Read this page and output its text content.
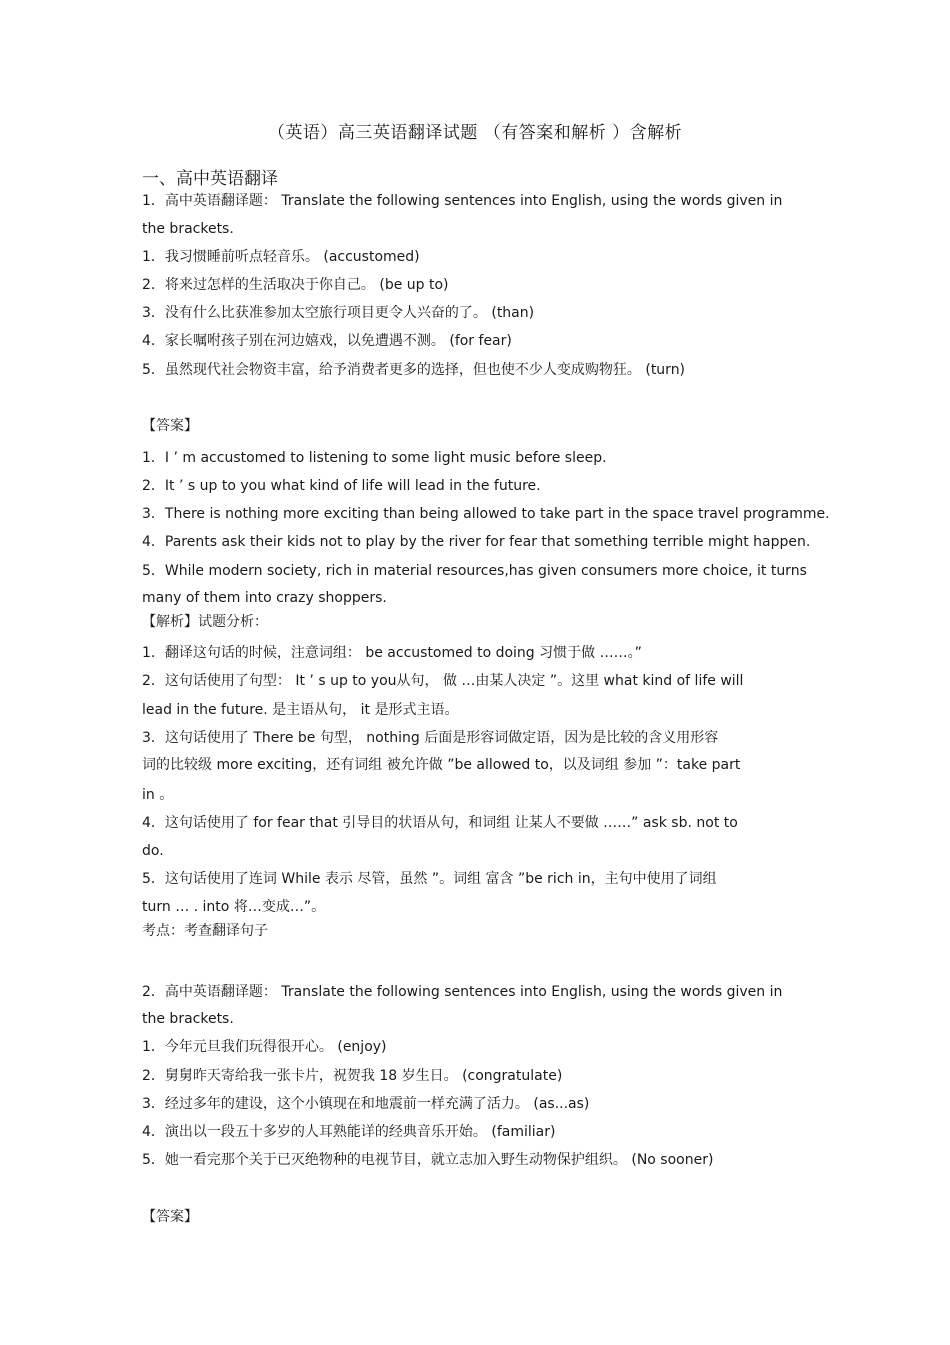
（英语）高三英语翻译试题 （有答案和解析 ）含解析
一、高中英语翻译
1．高中英语翻译题： Translate the following sentences into English, using the words given in
the brackets.
1．我习惯睡前听点轻音乐。 (accustomed)
2．将来过怎样的生活取决于你自己。 (be up to)
3．没有什么比获准参加太空旅行项目更令人兴奋的了。 (than)
4．家长嘱咐孩子别在河边嬉戏，以免遭遇不测。 (for fear)
5．虽然现代社会物资丰富，给予消费者更多的选择，但也使不少人变成购物狂。 (turn)
【答案】
1．I ’ m accustomed to listening to some light music before sleep.
2．It ’ s up to you what kind of life will lead in the future.
3．There is nothing more exciting than being allowed to take part in the space travel programme.
4．Parents ask their kids not to play by the river for fear that something terrible might happen.
5．While modern society, rich in material resources,has given consumers more choice, it turns
many of them into crazy shoppers.
【解析】试题分析：
1．翻译这句话的时候，注意词组： be accustomed to doing 习惯于做 ……。”
2．这句话使用了句型： It ’ s up to you从句， 做 …由某人决定 ”。这里 what kind of life will
lead in the future. 是主语从句， it 是形式主语。
3．这句话使用了 There be 句型， nothing 后面是形容词做定语，因为是比较的含义用形容
词的比较级 more exciting，还有词组 被允许做 ”be allowed to，以及词组 参加 ”：take part
in 。
4．这句话使用了 for fear that 引导目的状语从句，和词组 让某人不要做 ……” ask sb. not to
do.
5．这句话使用了连词 While 表示 尽管，虽然 ”。词组 富含 ”be rich in，主句中使用了词组
turn … . into 将…变成…”。
考点：考查翻译句子
2．高中英语翻译题： Translate the following sentences into English, using the words given in
the brackets.
1．今年元旦我们玩得很开心。 (enjoy)
2．舅舅昨天寄给我一张卡片，祝贺我 18 岁生日。 (congratulate)
3．经过多年的建设，这个小镇现在和地震前一样充满了活力。 (as...as)
4．演出以一段五十多岁的人耳熟能详的经典音乐开始。 (familiar)
5．她一看完那个关于已灭绝物种的电视节目，就立志加入野生动物保护组织。 (No sooner)
【答案】
